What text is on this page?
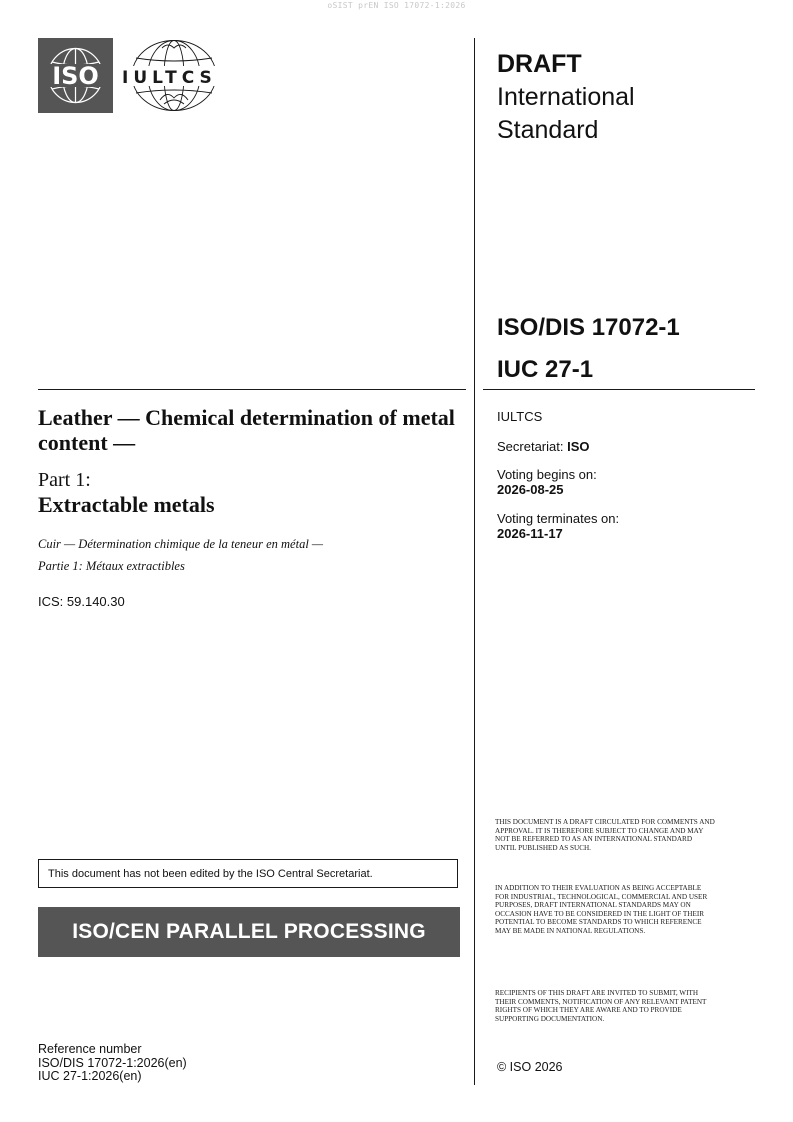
oSIST prEN ISO 17072-1:2026
ISO IULTCS	DRAFT
International
Standard
ISO/DIS 17072-1
IUC 27-1
Leather — Chemical determination of metal content —
Part 1:
Extractable metals
Cuir — Détermination chimique de la teneur en métal —
Partie 1: Métaux extractibles
ICS: 59.140.30
IULTCS
Secretariat: ISO
Voting begins on:
2026-08-25
Voting terminates on:
2026-11-17
This document has not been edited by the ISO Central Secretariat.
ISO/CEN PARALLEL PROCESSING
THIS DOCUMENT IS A DRAFT CIRCULATED FOR COMMENTS AND APPROVAL. IT IS THEREFORE SUBJECT TO CHANGE AND MAY NOT BE REFERRED TO AS AN INTERNATIONAL STANDARD UNTIL PUBLISHED AS SUCH.
IN ADDITION TO THEIR EVALUATION AS BEING ACCEPTABLE FOR INDUSTRIAL, TECHNOLOGICAL, COMMERCIAL AND USER PURPOSES, DRAFT INTERNATIONAL STANDARDS MAY ON OCCASION HAVE TO BE CONSIDERED IN THE LIGHT OF THEIR POTENTIAL TO BECOME STANDARDS TO WHICH REFERENCE MAY BE MADE IN NATIONAL REGULATIONS.
RECIPIENTS OF THIS DRAFT ARE INVITED TO SUBMIT, WITH THEIR COMMENTS, NOTIFICATION OF ANY RELEVANT PATENT RIGHTS OF WHICH THEY ARE AWARE AND TO PROVIDE SUPPORTING DOCUMENTATION.
© ISO 2026
Reference number
ISO/DIS 17072-1:2026(en)
IUC 27-1:2026(en)
